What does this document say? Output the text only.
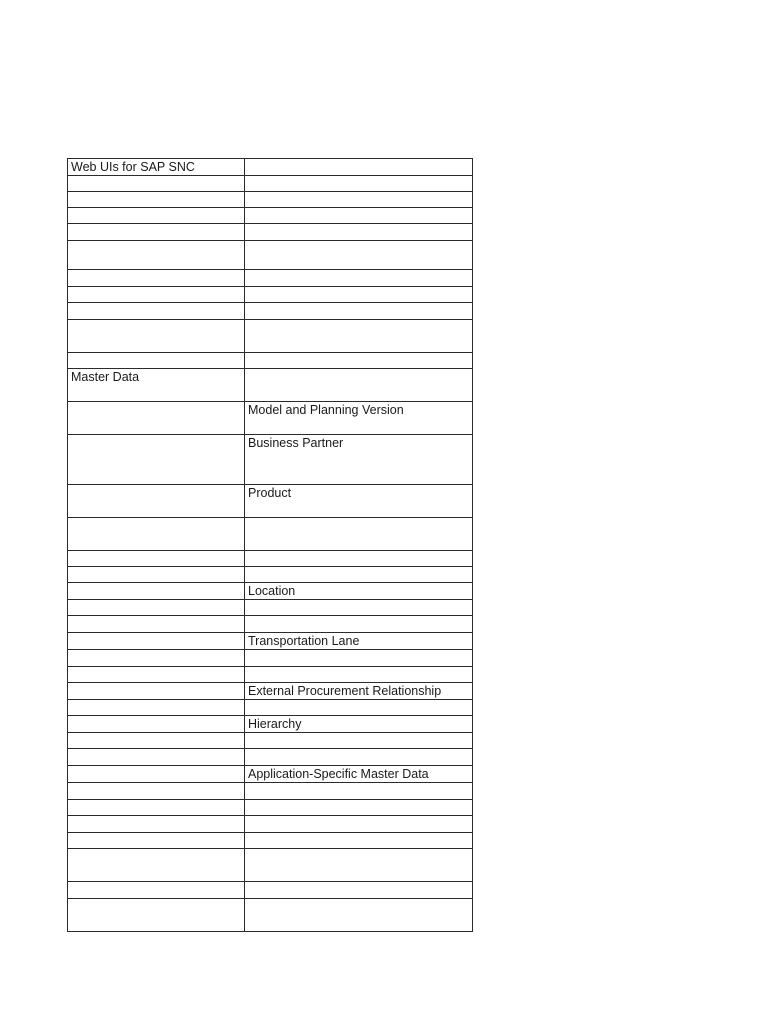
Web UIs for SAP SNC	

Master Data	
	Model and Planning Version
	Business Partner
	Product

	Location

	Transportation Lane

	External Procurement Relationship

	Hierarchy

	Application-Specific Master Data
